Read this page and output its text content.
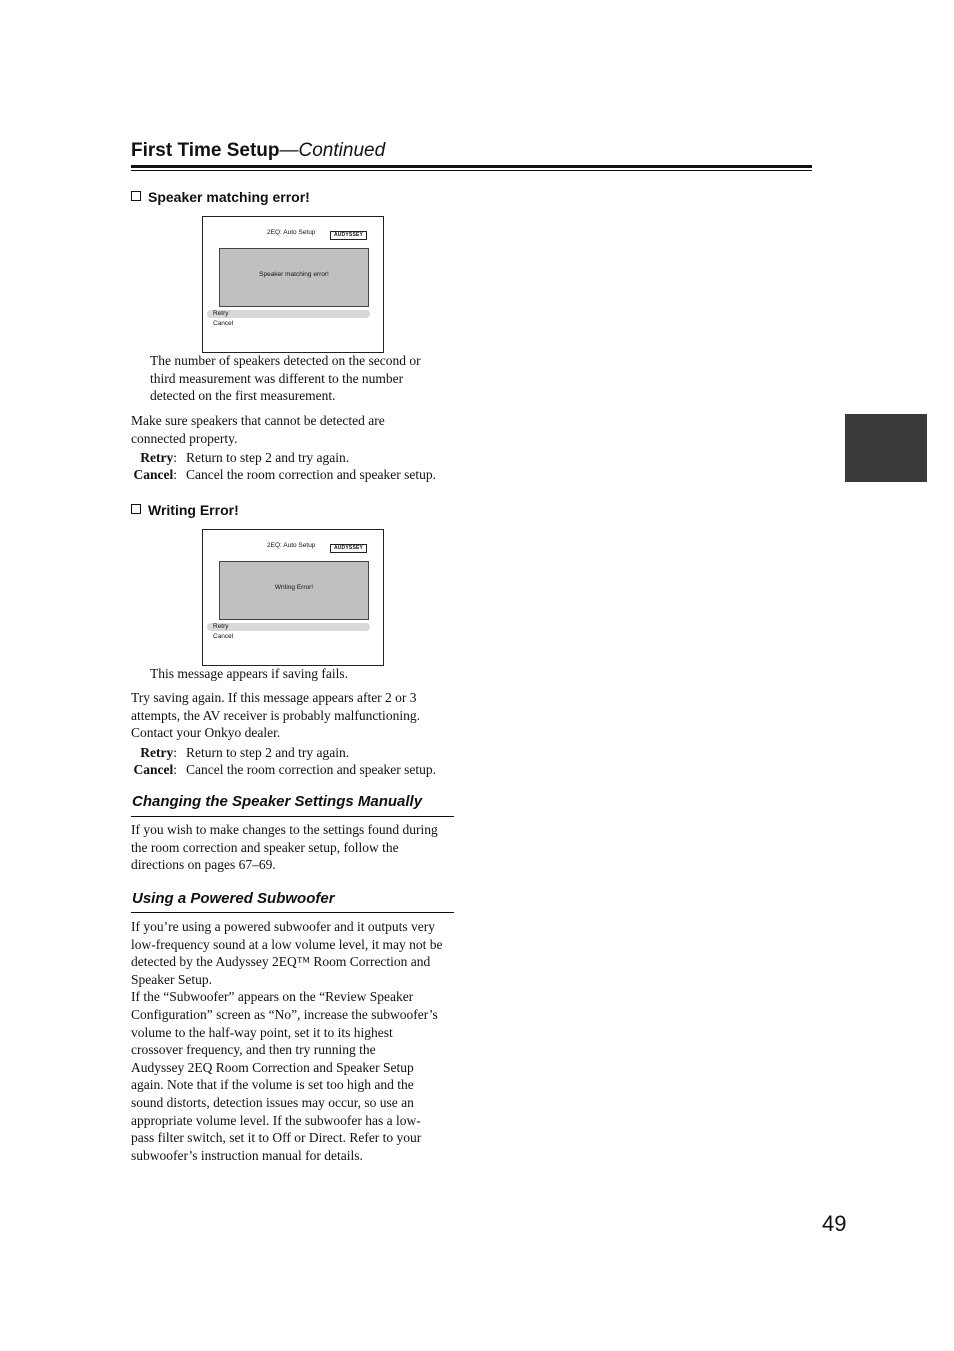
First Time Setup—Continued
Speaker matching error!
2EQ: Auto Setup	AUDYSSEY
Speaker matching error!
Retry
Cancel
The number of speakers detected on the second or
third measurement was different to the number
detected on the first measurement.
Make sure speakers that cannot be detected are
connected property.
Retry: Return to step 2 and try again.
Cancel: Cancel the room correction and speaker setup.
Writing Error!
2EQ: Auto Setup	AUDYSSEY
Writing Error!
Retry
Cancel
This message appears if saving fails.
Try saving again. If this message appears after 2 or 3
attempts, the AV receiver is probably malfunctioning.
Contact your Onkyo dealer.
Retry: Return to step 2 and try again.
Cancel: Cancel the room correction and speaker setup.
Changing the Speaker Settings Manually
If you wish to make changes to the settings found during
the room correction and speaker setup, follow the
directions on pages 67–69.
Using a Powered Subwoofer
If you’re using a powered subwoofer and it outputs very
low-frequency sound at a low volume level, it may not be
detected by the Audyssey 2EQ™ Room Correction and
Speaker Setup.
If the “Subwoofer” appears on the “Review Speaker
Configuration” screen as “No”, increase the subwoofer’s
volume to the half-way point, set it to its highest
crossover frequency, and then try running the
Audyssey 2EQ Room Correction and Speaker Setup
again. Note that if the volume is set too high and the
sound distorts, detection issues may occur, so use an
appropriate volume level. If the subwoofer has a low-
pass filter switch, set it to Off or Direct. Refer to your
subwoofer’s instruction manual for details.
49
